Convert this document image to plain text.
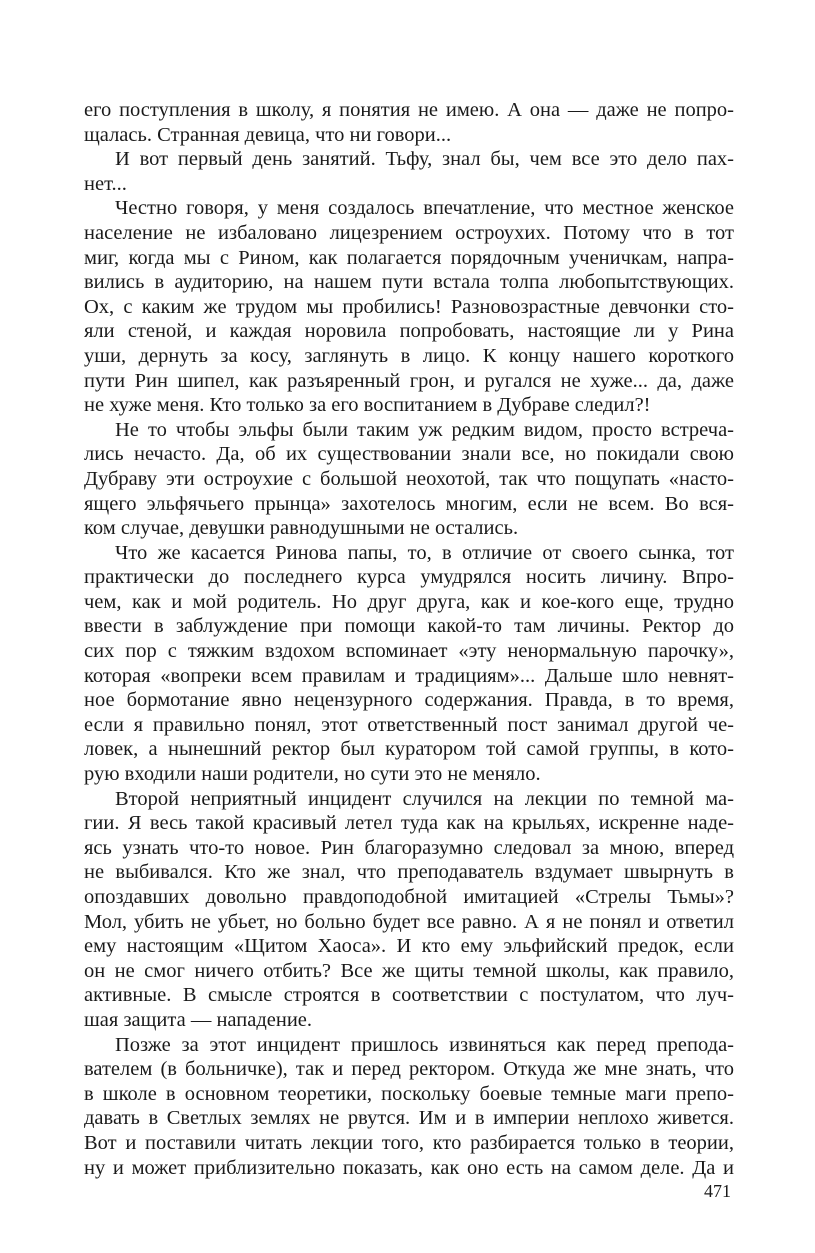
его поступления в школу, я понятия не имею. А она — даже не попро-
щалась. Странная девица, что ни говори...
И вот первый день занятий. Тьфу, знал бы, чем все это дело пах-
нет...
Честно говоря, у меня создалось впечатление, что местное женское
население не избаловано лицезрением остроухих. Потому что в тот
миг, когда мы с Рином, как полагается порядочным ученичкам, напра-
вились в аудиторию, на нашем пути встала толпа любопытствующих.
Ох, с каким же трудом мы пробились! Разновозрастные девчонки сто-
яли стеной, и каждая норовила попробовать, настоящие ли у Рина
уши, дернуть за косу, заглянуть в лицо. К концу нашего короткого
пути Рин шипел, как разъяренный грон, и ругался не хуже... да, даже
не хуже меня. Кто только за его воспитанием в Дубраве следил?!
Не то чтобы эльфы были таким уж редким видом, просто встреча-
лись нечасто. Да, об их существовании знали все, но покидали свою
Дубраву эти остроухие с большой неохотой, так что пощупать «насто-
ящего эльфячьего прынца» захотелось многим, если не всем. Во вся-
ком случае, девушки равнодушными не остались.
Что же касается Ринова папы, то, в отличие от своего сынка, тот
практически до последнего курса умудрялся носить личину. Впро-
чем, как и мой родитель. Но друг друга, как и кое-кого еще, трудно
ввести в заблуждение при помощи какой-то там личины. Ректор до
сих пор с тяжким вздохом вспоминает «эту ненормальную парочку»,
которая «вопреки всем правилам и традициям»... Дальше шло невнят-
ное бормотание явно нецензурного содержания. Правда, в то время,
если я правильно понял, этот ответственный пост занимал другой че-
ловек, а нынешний ректор был куратором той самой группы, в кото-
рую входили наши родители, но сути это не меняло.
Второй неприятный инцидент случился на лекции по темной ма-
гии. Я весь такой красивый летел туда как на крыльях, искренне наде-
ясь узнать что-то новое. Рин благоразумно следовал за мною, вперед
не выбивался. Кто же знал, что преподаватель вздумает швырнуть в
опоздавших довольно правдоподобной имитацией «Стрелы Тьмы»?
Мол, убить не убьет, но больно будет все равно. А я не понял и ответил
ему настоящим «Щитом Хаоса». И кто ему эльфийский предок, если
он не смог ничего отбить? Все же щиты темной школы, как правило,
активные. В смысле строятся в соответствии с постулатом, что луч-
шая защита — нападение.
Позже за этот инцидент пришлось извиняться как перед препода-
вателем (в больничке), так и перед ректором. Откуда же мне знать, что
в школе в основном теоретики, поскольку боевые темные маги препо-
давать в Светлых землях не рвутся. Им и в империи неплохо живется.
Вот и поставили читать лекции того, кто разбирается только в теории,
ну и может приблизительно показать, как оно есть на самом деле. Да и
471
